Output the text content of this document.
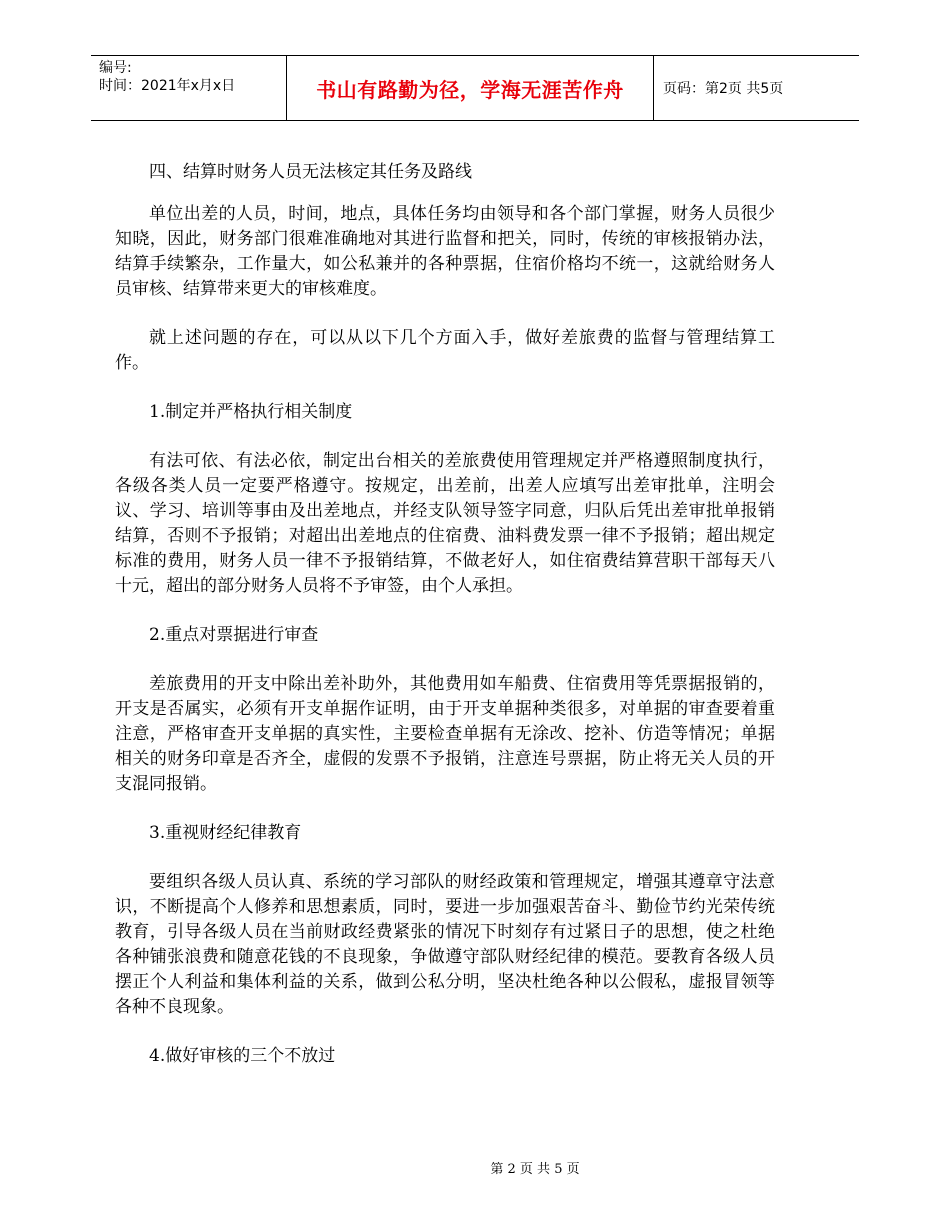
编号:
时间：2021年x月x日	书山有路勤为径，学海无涯苦作舟	页码：第2页 共5页

四、结算时财务人员无法核定其任务及路线

单位出差的人员，时间，地点，具体任务均由领导和各个部门掌握，财务人员很少知晓，因此，财务部门很难准确地对其进行监督和把关，同时，传统的审核报销办法，结算手续繁杂，工作量大，如公私兼并的各种票据，住宿价格均不统一，这就给财务人员审核、结算带来更大的审核难度。

就上述问题的存在，可以从以下几个方面入手，做好差旅费的监督与管理结算工作。

1.制定并严格执行相关制度

有法可依、有法必依，制定出台相关的差旅费使用管理规定并严格遵照制度执行，各级各类人员一定要严格遵守。按规定，出差前，出差人应填写出差审批单，注明会议、学习、培训等事由及出差地点，并经支队领导签字同意，归队后凭出差审批单报销结算，否则不予报销；对超出出差地点的住宿费、油料费发票一律不予报销；超出规定标准的费用，财务人员一律不予报销结算，不做老好人，如住宿费结算营职干部每天八十元，超出的部分财务人员将不予审签，由个人承担。

2.重点对票据进行审查

差旅费用的开支中除出差补助外，其他费用如车船费、住宿费用等凭票据报销的，开支是否属实，必须有开支单据作证明，由于开支单据种类很多，对单据的审查要着重注意，严格审查开支单据的真实性，主要检查单据有无涂改、挖补、仿造等情况；单据相关的财务印章是否齐全，虚假的发票不予报销，注意连号票据，防止将无关人员的开支混同报销。

3.重视财经纪律教育

要组织各级人员认真、系统的学习部队的财经政策和管理规定，增强其遵章守法意识，不断提高个人修养和思想素质，同时，要进一步加强艰苦奋斗、勤俭节约光荣传统教育，引导各级人员在当前财政经费紧张的情况下时刻存有过紧日子的思想，使之杜绝各种铺张浪费和随意花钱的不良现象，争做遵守部队财经纪律的模范。要教育各级人员摆正个人利益和集体利益的关系，做到公私分明，坚决杜绝各种以公假私，虚报冒领等各种不良现象。

4.做好审核的三个不放过

第 2 页 共 5 页
